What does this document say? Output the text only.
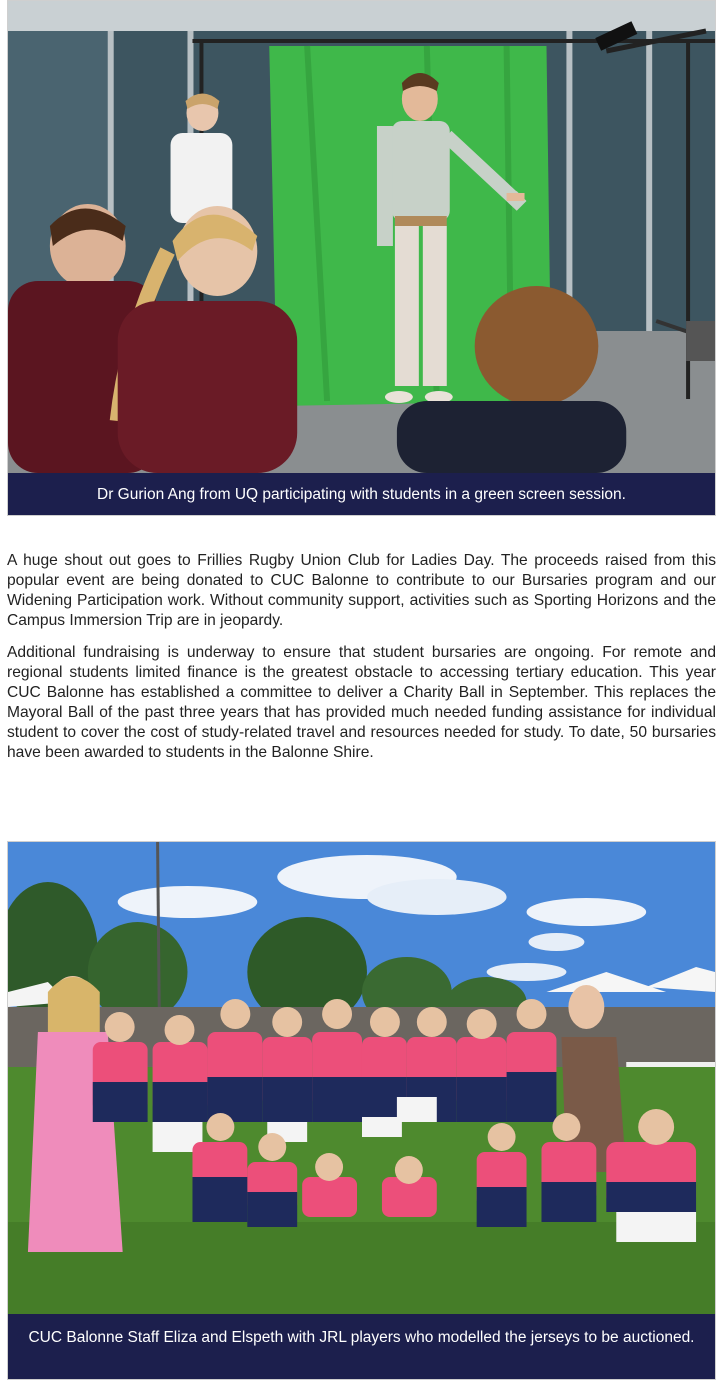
Dr Gurion Ang from UQ participating with students in a green screen session.

A huge shout out goes to Frillies Rugby Union Club for Ladies Day. The proceeds raised from this popular event are being donated to CUC Balonne to contribute to our Bursaries program and our Widening Participation work. Without community support, activities such as Sporting Horizons and the Campus Immersion Trip are in jeopardy.

Additional fundraising is underway to ensure that student bursaries are ongoing. For remote and regional students limited finance is the greatest obstacle to accessing tertiary education. This year CUC Balonne has established a committee to deliver a Charity Ball in September. This replaces the Mayoral Ball of the past three years that has provided much needed funding assistance for individual student to cover the cost of study-related travel and resources needed for study. To date, 50 bursaries have been awarded to students in the Balonne Shire.

CUC Balonne Staff Eliza and Elspeth with JRL players who modelled the jerseys to be auctioned.
